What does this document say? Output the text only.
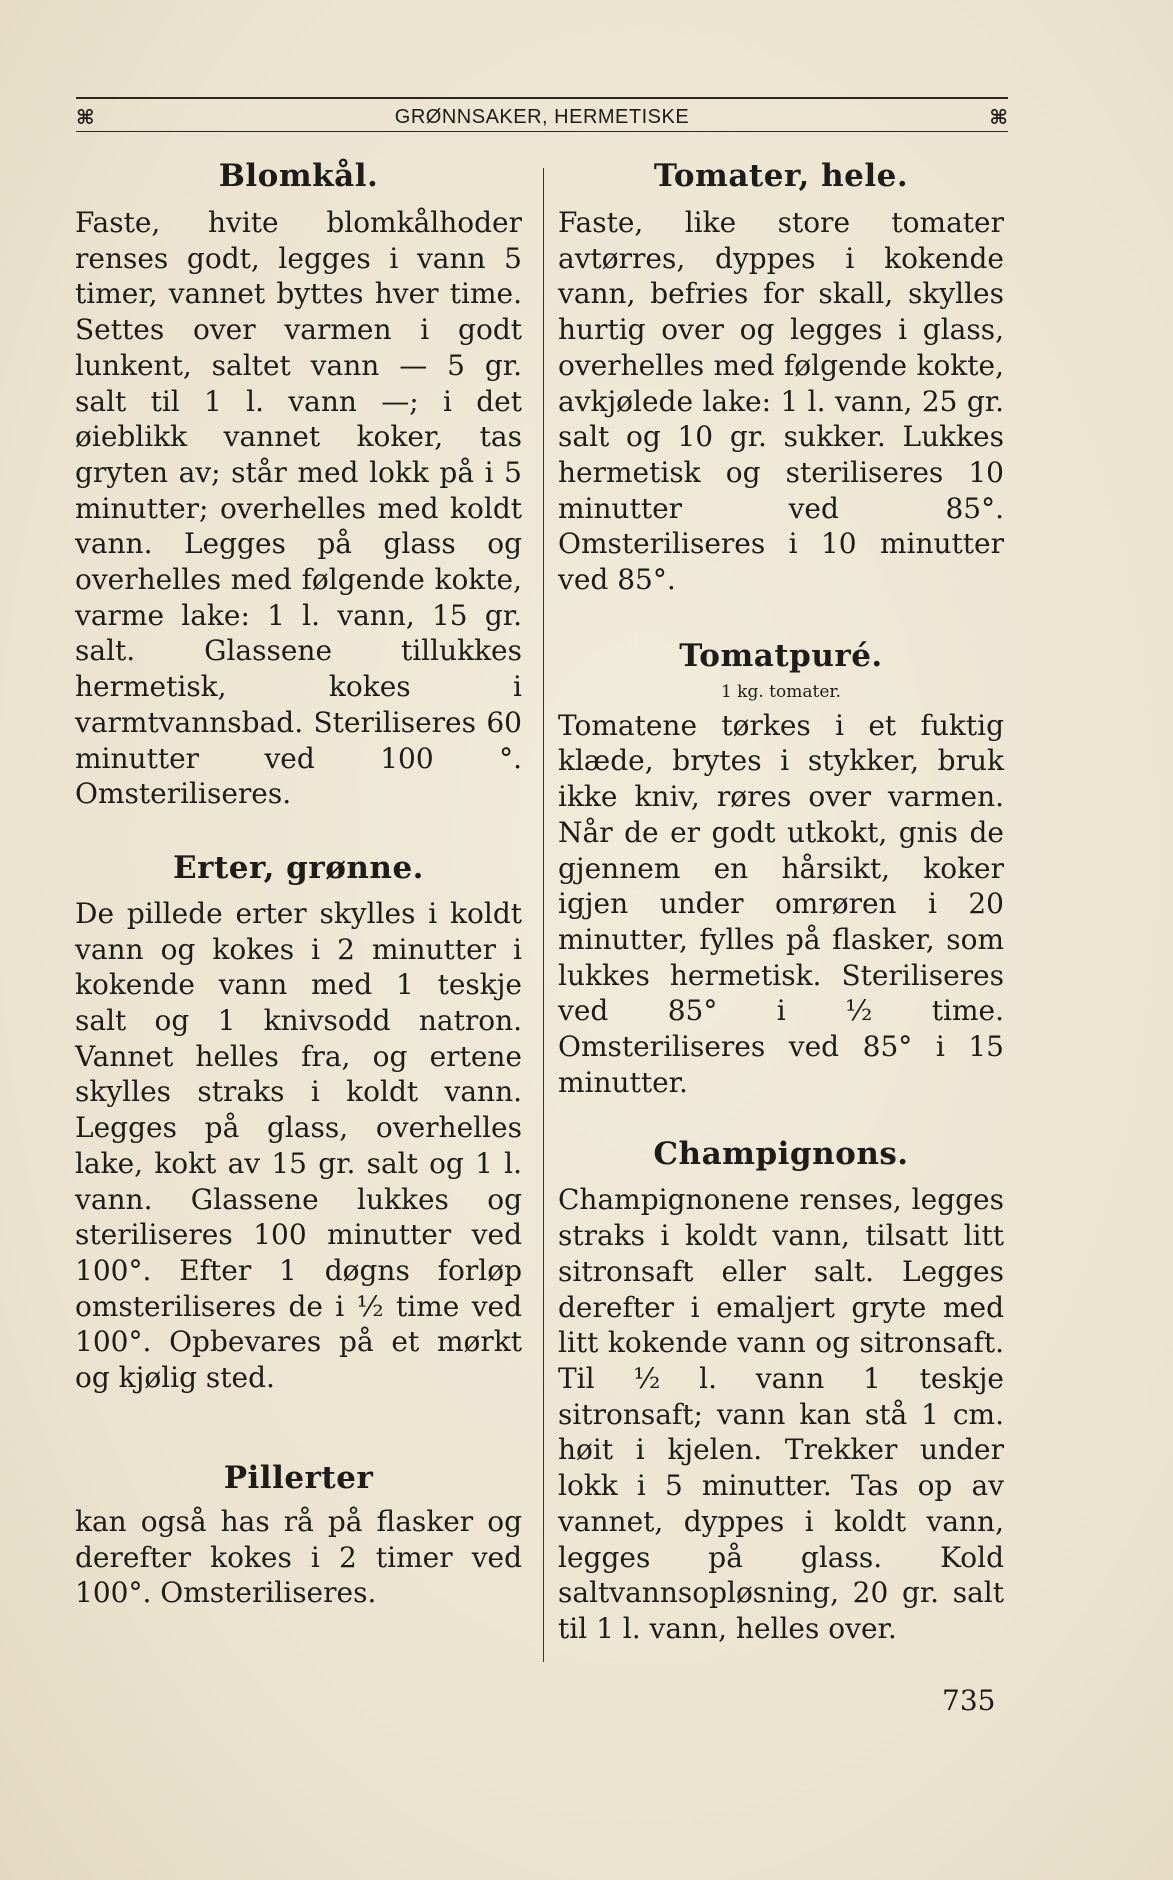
⌘	GRØNNSAKER, HERMETISKE	⌘
Blomkål.

Faste, hvite blomkålhoder renses godt, legges i vann 5 timer, vannet byttes hver time. Settes over varmen i godt lunkent, saltet vann — 5 gr. salt til 1 l. vann —; i det øieblikk vannet koker, tas gryten av; står med lokk på i 5 minutter; overhelles med koldt vann. Legges på glass og overhelles med følgende kokte, varme lake: 1 l. vann, 15 gr. salt. Glassene tillukkes hermetisk, kokes i varmtvannsbad. Steriliseres 60 minutter ved 100 °. Omsteriliseres.

Erter, grønne.

De pillede erter skylles i koldt vann og kokes i 2 minutter i kokende vann med 1 teskje salt og 1 knivsodd natron. Vannet helles fra, og ertene skylles straks i koldt vann. Legges på glass, overhelles lake, kokt av 15 gr. salt og 1 l. vann. Glassene lukkes og steriliseres 100 minutter ved 100°. Efter 1 døgns forløp omsteriliseres de i ½ time ved 100°. Opbevares på et mørkt og kjølig sted.

Pillerter

kan også has rå på flasker og derefter kokes i 2 timer ved 100°. Omsteriliseres.

Tomater, hele.

Faste, like store tomater avtørres, dyppes i kokende vann, befries for skall, skylles hurtig over og legges i glass, overhelles med følgende kokte, avkjølede lake: 1 l. vann, 25 gr. salt og 10 gr. sukker. Lukkes hermetisk og steriliseres 10 minutter ved 85°. Omsteriliseres i 10 minutter ved 85°.

Tomatpuré.

1 kg. tomater.

Tomatene tørkes i et fuktig klæde, brytes i stykker, bruk ikke kniv, røres over varmen. Når de er godt utkokt, gnis de gjennem en hårsikt, koker igjen under omrøren i 20 minutter, fylles på flasker, som lukkes hermetisk. Steriliseres ved 85° i ½ time. Omsteriliseres ved 85° i 15 minutter.

Champignons.

Champignonene renses, legges straks i koldt vann, tilsatt litt sitronsaft eller salt. Legges derefter i emaljert gryte med litt kokende vann og sitronsaft. Til ½ l. vann 1 teskje sitronsaft; vann kan stå 1 cm. høit i kjelen. Trekker under lokk i 5 minutter. Tas op av vannet, dyppes i koldt vann, legges på glass. Kold saltvannsopløsning, 20 gr. salt til 1 l. vann, helles over.

735
